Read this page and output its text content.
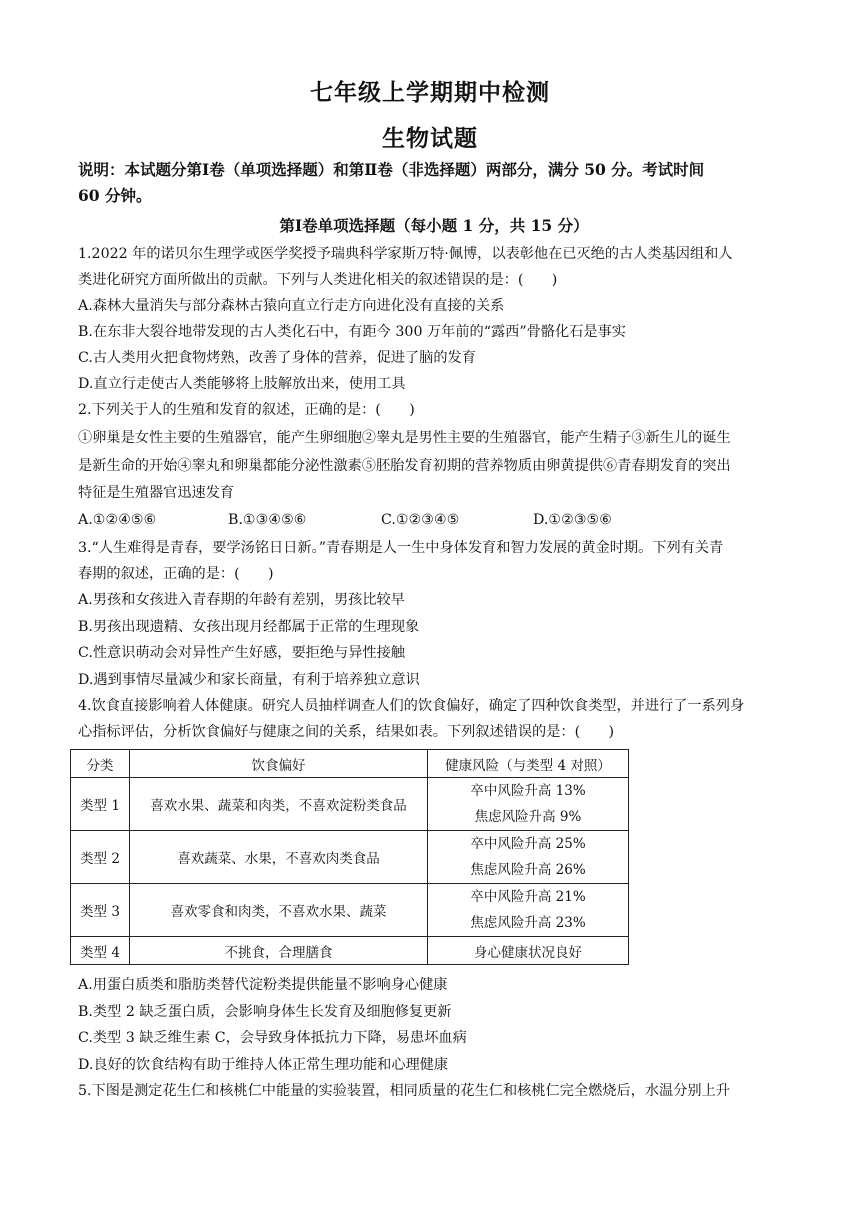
七年级上学期期中检测
生物试题
说明：本试题分第Ⅰ卷（单项选择题）和第Ⅱ卷（非选择题）两部分，满分 50 分。考试时间
60 分钟。
第Ⅰ卷单项选择题（每小题 1 分，共 15 分）
1.2022 年的诺贝尔生理学或医学奖授予瑞典科学家斯万特·佩博，以表彰他在已灭绝的古人类基因组和人
类进化研究方面所做出的贡献。下列与人类进化相关的叙述错误的是：(　　)
A.森林大量消失与部分森林古猿向直立行走方向进化没有直接的关系
B.在东非大裂谷地带发现的古人类化石中，有距今 300 万年前的“露西”骨骼化石是事实
C.古人类用火把食物烤熟，改善了身体的营养，促进了脑的发育
D.直立行走使古人类能够将上肢解放出来，使用工具
2.下列关于人的生殖和发育的叙述，正确的是：(　　)
①卵巢是女性主要的生殖器官，能产生卵细胞②睾丸是男性主要的生殖器官，能产生精子③新生儿的诞生
是新生命的开始④睾丸和卵巢都能分泌性激素⑤胚胎发育初期的营养物质由卵黄提供⑥青春期发育的突出
特征是生殖器官迅速发育
A.①②④⑤⑥	B.①③④⑤⑥	C.①②③④⑤	D.①②③⑤⑥
3.“人生难得是青春，要学汤铭日日新。”青春期是人一生中身体发育和智力发展的黄金时期。下列有关青
春期的叙述，正确的是：(　　)
A.男孩和女孩进入青春期的年龄有差别，男孩比较早
B.男孩出现遗精、女孩出现月经都属于正常的生理现象
C.性意识萌动会对异性产生好感，要拒绝与异性接触
D.遇到事情尽量减少和家长商量，有利于培养独立意识
4.饮食直接影响着人体健康。研究人员抽样调查人们的饮食偏好，确定了四种饮食类型，并进行了一系列身
心指标评估，分析饮食偏好与健康之间的关系，结果如表。下列叙述错误的是：(　　)
分类	饮食偏好	健康风险（与类型 4 对照）
类型 1	喜欢水果、蔬菜和肉类，不喜欢淀粉类食品	卒中风险升高 13%
焦虑风险升高 9%

类型 2	喜欢蔬菜、水果，不喜欢肉类食品	卒中风险升高 25%
焦虑风险升高 26%

类型 3	喜欢零食和肉类，不喜欢水果、蔬菜	卒中风险升高 21%
焦虑风险升高 23%

类型 4	不挑食，合理膳食	身心健康状况良好
A.用蛋白质类和脂肪类替代淀粉类提供能量不影响身心健康
B.类型 2 缺乏蛋白质，会影响身体生长发育及细胞修复更新
C.类型 3 缺乏维生素 C，会导致身体抵抗力下降，易患坏血病
D.良好的饮食结构有助于维持人体正常生理功能和心理健康
5.下图是测定花生仁和核桃仁中能量的实验装置，相同质量的花生仁和核桃仁完全燃烧后，水温分别上升
